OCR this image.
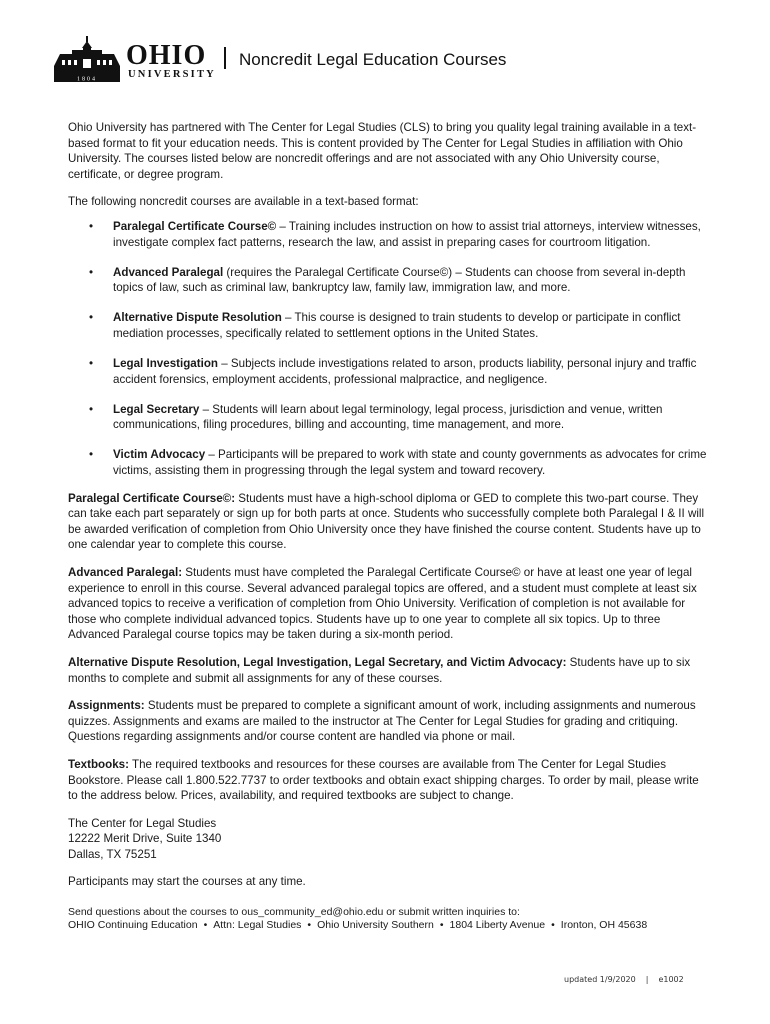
1804
OHIO
UNIVERSITY
Noncredit Legal Education Courses

Ohio University has partnered with The Center for Legal Studies (CLS) to bring you quality legal training available in a text-based format to fit your education needs. This is content provided by The Center for Legal Studies in affiliation with Ohio University. The courses listed below are noncredit offerings and are not associated with any Ohio University course, certificate, or degree program.

The following noncredit courses are available in a text-based format:

• Paralegal Certificate Course© – Training includes instruction on how to assist trial attorneys, interview witnesses, investigate complex fact patterns, research the law, and assist in preparing cases for courtroom litigation.
• Advanced Paralegal (requires the Paralegal Certificate Course©) – Students can choose from several in-depth topics of law, such as criminal law, bankruptcy law, family law, immigration law, and more.
• Alternative Dispute Resolution – This course is designed to train students to develop or participate in conflict mediation processes, specifically related to settlement options in the United States.
• Legal Investigation – Subjects include investigations related to arson, products liability, personal injury and traffic accident forensics, employment accidents, professional malpractice, and negligence.
• Legal Secretary – Students will learn about legal terminology, legal process, jurisdiction and venue, written communications, filing procedures, billing and accounting, time management, and more.
• Victim Advocacy – Participants will be prepared to work with state and county governments as advocates for crime victims, assisting them in progressing through the legal system and toward recovery.

Paralegal Certificate Course©: Students must have a high-school diploma or GED to complete this two-part course. They can take each part separately or sign up for both parts at once. Students who successfully complete both Paralegal I & II will be awarded verification of completion from Ohio University once they have finished the course content. Students have up to one calendar year to complete this course.

Advanced Paralegal: Students must have completed the Paralegal Certificate Course© or have at least one year of legal experience to enroll in this course. Several advanced paralegal topics are offered, and a student must complete at least six advanced topics to receive a verification of completion from Ohio University. Verification of completion is not available for those who complete individual advanced topics. Students have up to one year to complete all six topics. Up to three Advanced Paralegal course topics may be taken during a six-month period.

Alternative Dispute Resolution, Legal Investigation, Legal Secretary, and Victim Advocacy: Students have up to six months to complete and submit all assignments for any of these courses.

Assignments: Students must be prepared to complete a significant amount of work, including assignments and numerous quizzes. Assignments and exams are mailed to the instructor at The Center for Legal Studies for grading and critiquing. Questions regarding assignments and/or course content are handled via phone or mail.

Textbooks: The required textbooks and resources for these courses are available from The Center for Legal Studies Bookstore. Please call 1.800.522.7737 to order textbooks and obtain exact shipping charges. To order by mail, please write to the address below. Prices, availability, and required textbooks are subject to change.

The Center for Legal Studies
12222 Merit Drive, Suite 1340
Dallas, TX 75251

Participants may start the courses at any time.

Send questions about the courses to ous_community_ed@ohio.edu or submit written inquiries to:
OHIO Continuing Education • Attn: Legal Studies • Ohio University Southern • 1804 Liberty Avenue • Ironton, OH 45638
updated 1/9/2020 | e1002
